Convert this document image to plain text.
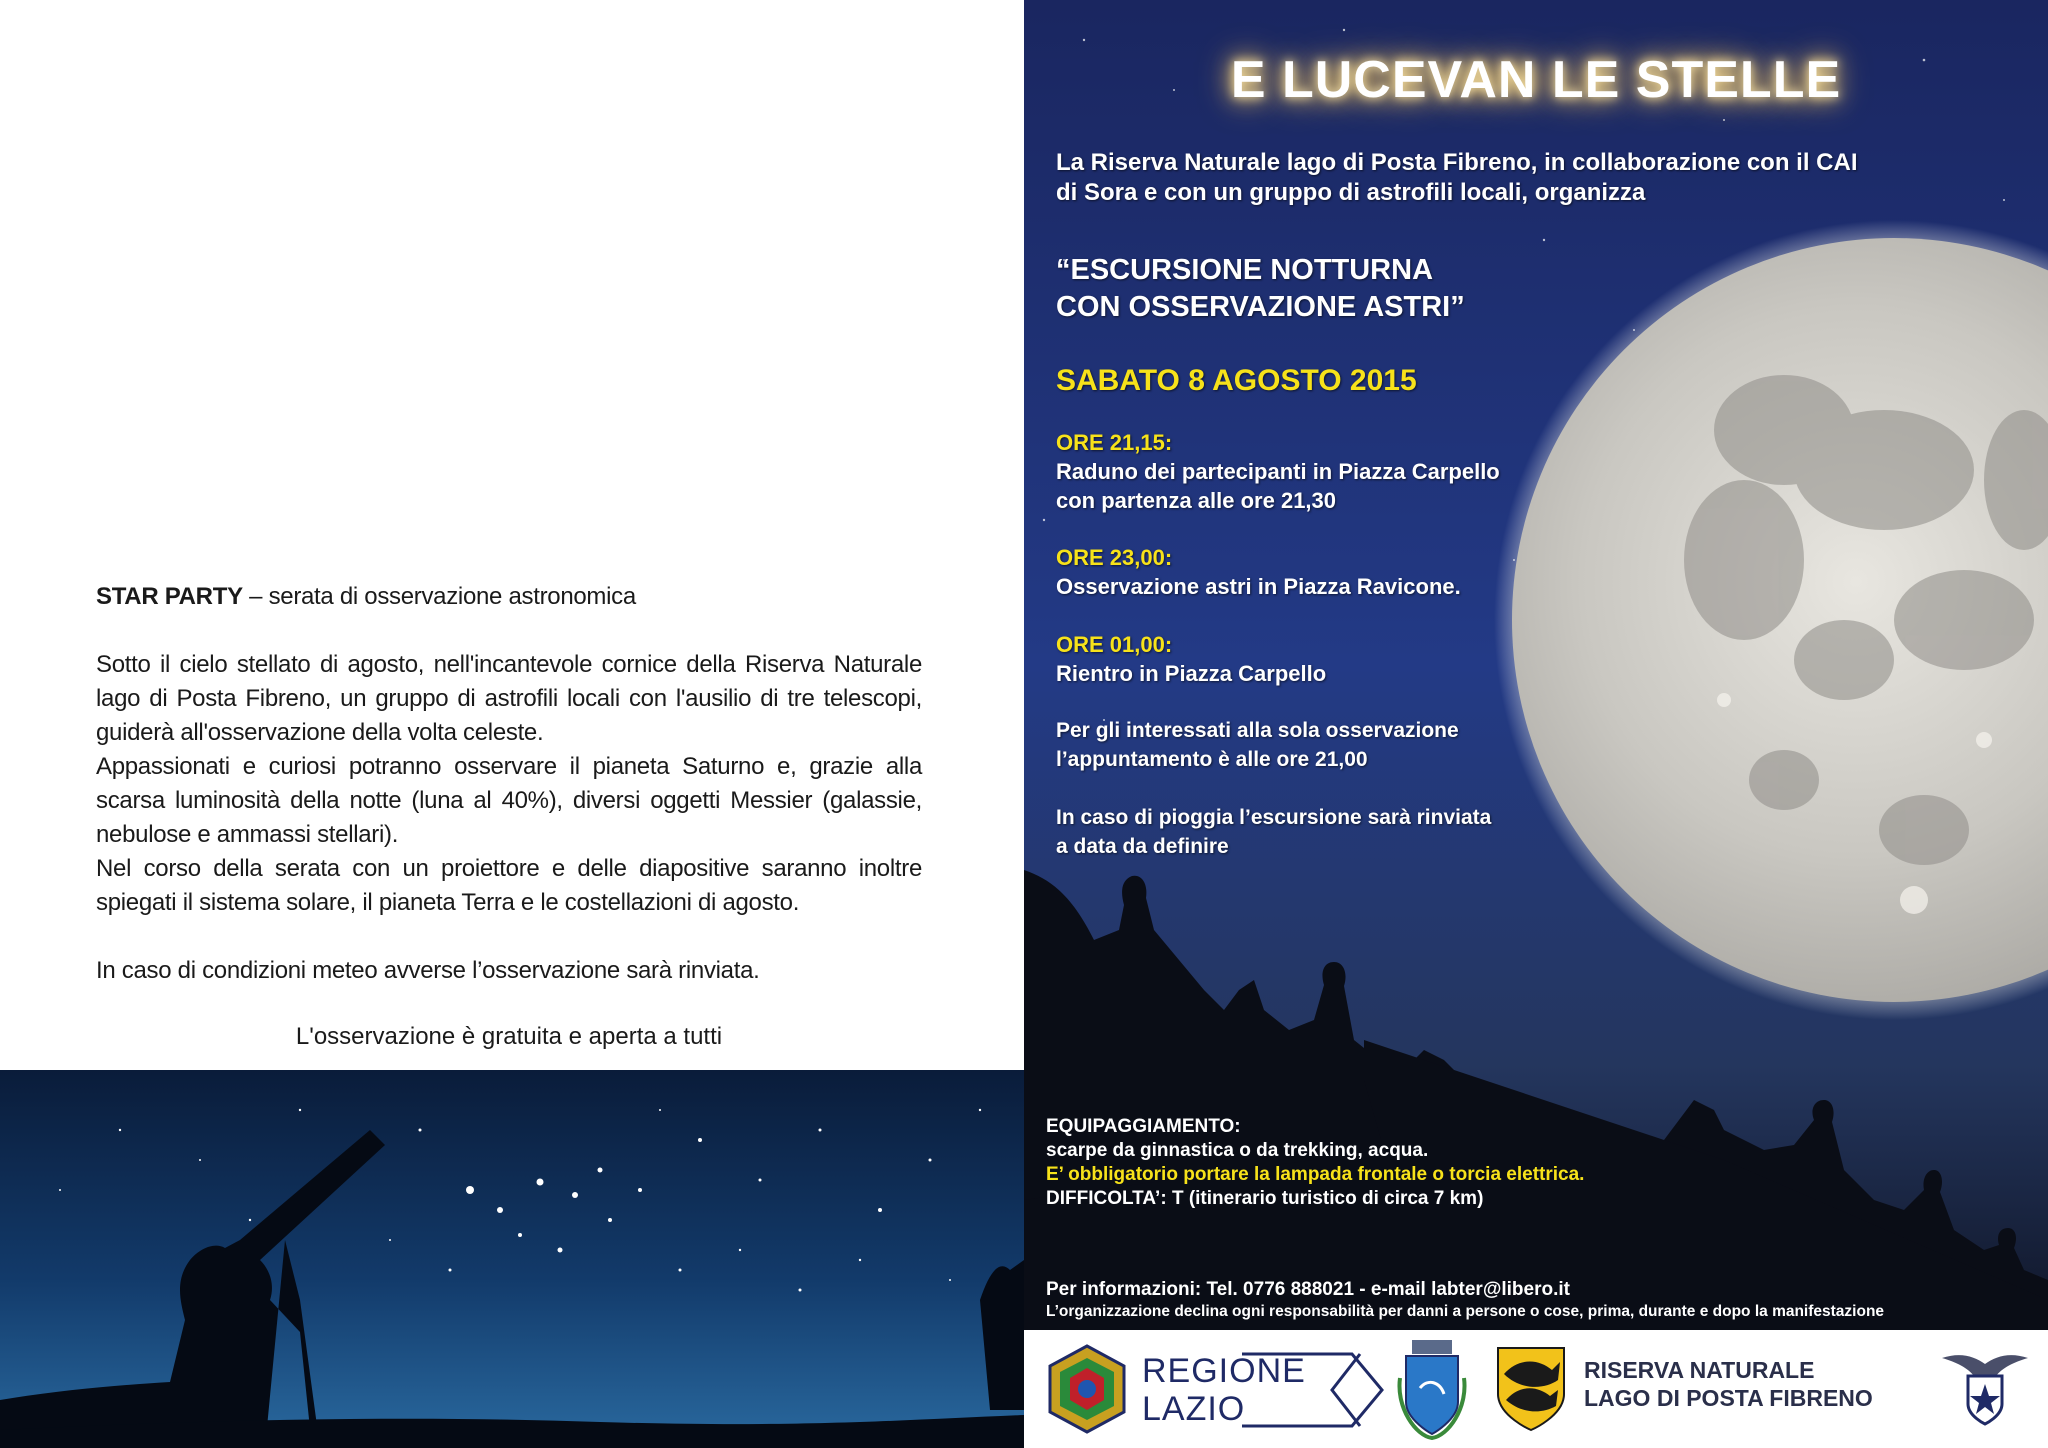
STAR PARTY – serata di osservazione astronomica

Sotto il cielo stellato di agosto, nell'incantevole cornice della Riserva Naturale lago di Posta Fibreno, un gruppo di astrofili locali con l'ausilio di tre telescopi, guiderà all'osservazione della volta celeste.

Appassionati e curiosi potranno osservare il pianeta Saturno e, grazie alla scarsa luminosità della notte (luna al 40%), diversi oggetti Messier (galassie, nebulose e ammassi stellari).

Nel corso della serata con un proiettore e delle diapositive saranno inoltre spiegati il sistema solare, il pianeta Terra e le costellazioni di agosto.

In caso di condizioni meteo avverse l’osservazione sarà rinviata.

L'osservazione è gratuita e aperta a tutti
E LUCEVAN LE STELLE
La Riserva Naturale lago di Posta Fibreno, in collaborazione con il CAI
di Sora e con un gruppo di astrofili locali, organizza
“ESCURSIONE NOTTURNA
CON OSSERVAZIONE ASTRI”
SABATO 8 AGOSTO 2015
ORE 21,15:
Raduno dei partecipanti in Piazza Carpello
con partenza alle ore 21,30
ORE 23,00:
Osservazione astri in Piazza Ravicone.
ORE 01,00:
Rientro in Piazza Carpello
Per gli interessati alla sola osservazione
l’appuntamento è alle ore 21,00
In caso di pioggia l’escursione sarà rinviata
a data da definire
EQUIPAGGIAMENTO:
scarpe da ginnastica o da trekking, acqua.
E’ obbligatorio portare la lampada frontale o torcia elettrica.
DIFFICOLTA’: T (itinerario turistico di circa 7 km)
Per informazioni: Tel. 0776 888021 - e-mail labter@libero.it
L’organizzazione declina ogni responsabilità per danni a persone o cose, prima, durante e dopo la manifestazione
REGIONE
LAZIO
RISERVA NATURALE
LAGO DI POSTA FIBRENO
